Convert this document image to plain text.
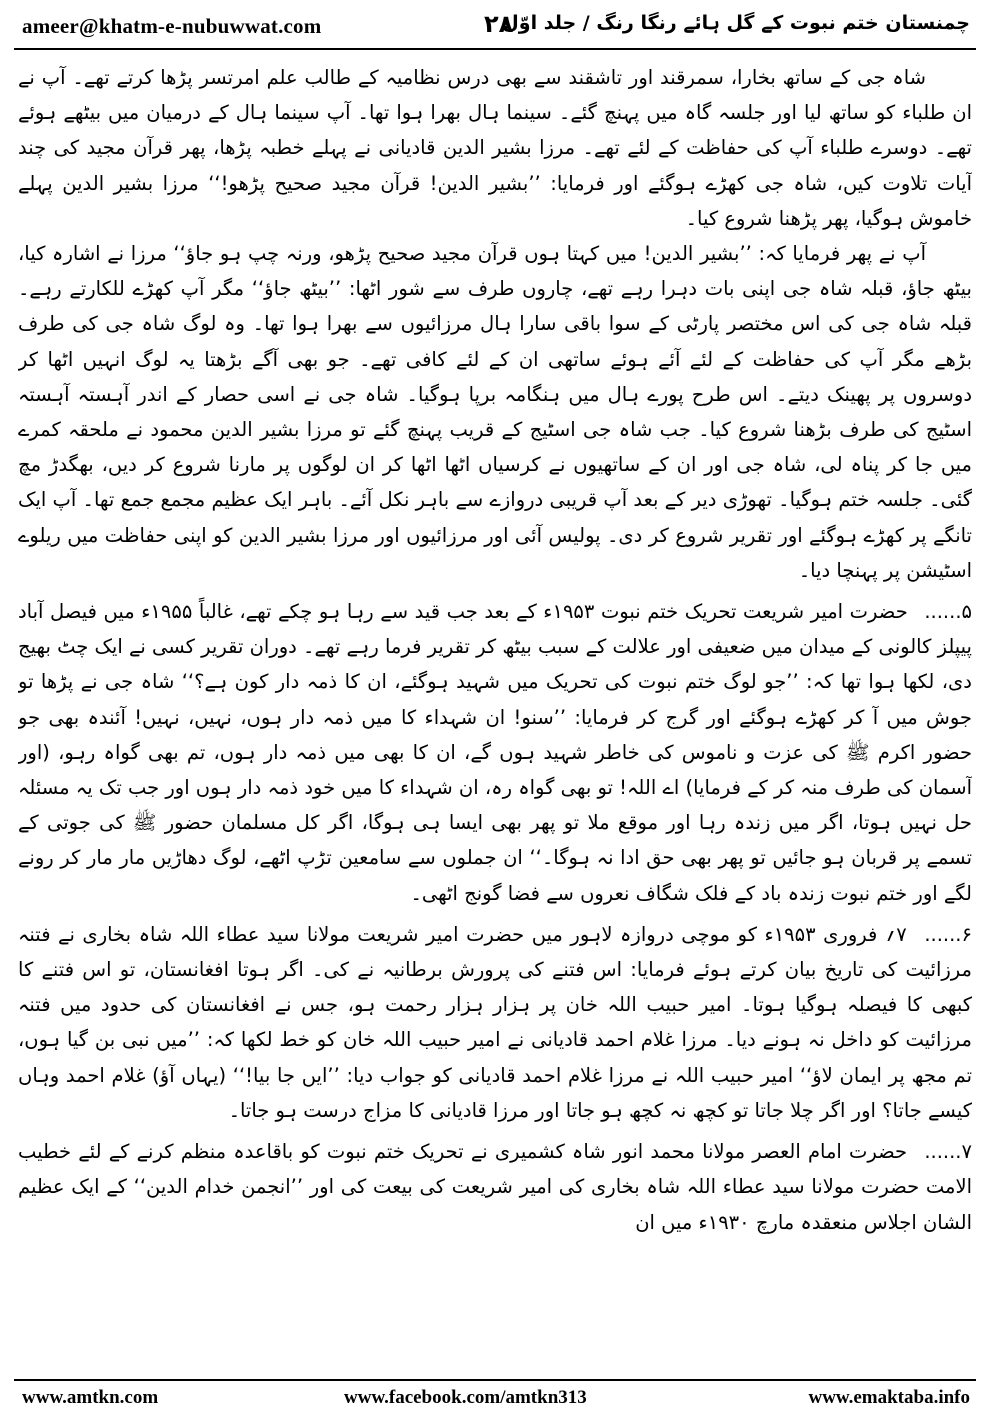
ameer@khatm-e-nubuwwat.com	۲۸
چمنستان ختم نبوت کے گل ہائے رنگا رنگ / جلد اوّل

شاہ جی کے ساتھ بخارا، سمرقند اور تاشقند سے بھی درس نظامیہ کے طالب علم امرتسر پڑھا کرتے تھے۔ آپ نے ان طلباء کو ساتھ لیا اور جلسہ گاہ میں پہنچ گئے۔ سینما ہال بھرا ہوا تھا۔ آپ سینما ہال کے درمیان میں بیٹھے ہوئے تھے۔ دوسرے طلباء آپ کی حفاظت کے لئے تھے۔ مرزا بشیر الدین قادیانی نے پہلے خطبہ پڑھا، پھر قرآن مجید کی چند آیات تلاوت کیں، شاہ جی کھڑے ہوگئے اور فرمایا: ’’بشیر الدین! قرآن مجید صحیح پڑھو!‘‘ مرزا بشیر الدین پہلے خاموش ہوگیا، پھر پڑھنا شروع کیا۔

آپ نے پھر فرمایا کہ: ’’بشیر الدین! میں کہتا ہوں قرآن مجید صحیح پڑھو، ورنہ چپ ہو جاؤ‘‘ مرزا نے اشارہ کیا، بیٹھ جاؤ، قبلہ شاہ جی اپنی بات دہرا رہے تھے، چاروں طرف سے شور اٹھا: ’’بیٹھ جاؤ‘‘ مگر آپ کھڑے للکارتے رہے۔ قبلہ شاہ جی کی اس مختصر پارٹی کے سوا باقی سارا ہال مرزائیوں سے بھرا ہوا تھا۔ وہ لوگ شاہ جی کی طرف بڑھے مگر آپ کی حفاظت کے لئے آئے ہوئے ساتھی ان کے لئے کافی تھے۔ جو بھی آگے بڑھتا یہ لوگ انہیں اٹھا کر دوسروں پر پھینک دیتے۔ اس طرح پورے ہال میں ہنگامہ برپا ہوگیا۔ شاہ جی نے اسی حصار کے اندر آہستہ آہستہ اسٹیج کی طرف بڑھنا شروع کیا۔ جب شاہ جی اسٹیج کے قریب پہنچ گئے تو مرزا بشیر الدین محمود نے ملحقہ کمرے میں جا کر پناہ لی، شاہ جی اور ان کے ساتھیوں نے کرسیاں اٹھا اٹھا کر ان لوگوں پر مارنا شروع کر دیں، بھگدڑ مچ گئی۔ جلسہ ختم ہوگیا۔ تھوڑی دیر کے بعد آپ قریبی دروازے سے باہر نکل آئے۔ باہر ایک عظیم مجمع جمع تھا۔ آپ ایک تانگے پر کھڑے ہوگئے اور تقریر شروع کر دی۔ پولیس آئی اور مرزائیوں اور مرزا بشیر الدین کو اپنی حفاظت میں ریلوے اسٹیشن پر پہنچا دیا۔

۵...... حضرت امیر شریعت تحریک ختم نبوت ۱۹۵۳ء کے بعد جب قید سے رہا ہو چکے تھے، غالباً ۱۹۵۵ء میں فیصل آباد پیپلز کالونی کے میدان میں ضعیفی اور علالت کے سبب بیٹھ کر تقریر فرما رہے تھے۔ دوران تقریر کسی نے ایک چٹ بھیج دی، لکھا ہوا تھا کہ: ’’جو لوگ ختم نبوت کی تحریک میں شہید ہوگئے، ان کا ذمہ دار کون ہے؟‘‘ شاہ جی نے پڑھا تو جوش میں آ کر کھڑے ہوگئے اور گرج کر فرمایا: ’’سنو! ان شہداء کا میں ذمہ دار ہوں، نہیں، نہیں! آئندہ بھی جو حضور اکرم ﷺ کی عزت و ناموس کی خاطر شہید ہوں گے، ان کا بھی میں ذمہ دار ہوں، تم بھی گواہ رہو، (اور آسمان کی طرف منہ کر کے فرمایا) اے اللہ! تو بھی گواہ رہ، ان شہداء کا میں خود ذمہ دار ہوں اور جب تک یہ مسئلہ حل نہیں ہوتا، اگر میں زندہ رہا اور موقع ملا تو پھر بھی ایسا ہی ہوگا، اگر کل مسلمان حضور ﷺ کی جوتی کے تسمے پر قربان ہو جائیں تو پھر بھی حق ادا نہ ہوگا۔‘‘ ان جملوں سے سامعین تڑپ اٹھے، لوگ دھاڑیں مار مار کر رونے لگے اور ختم نبوت زندہ باد کے فلک شگاف نعروں سے فضا گونج اٹھی۔

۶...... ۷؍ فروری ۱۹۵۳ء کو موچی دروازہ لاہور میں حضرت امیر شریعت مولانا سید عطاء اللہ شاہ بخاری نے فتنہ مرزائیت کی تاریخ بیان کرتے ہوئے فرمایا: اس فتنے کی پرورش برطانیہ نے کی۔ اگر ہوتا افغانستان، تو اس فتنے کا کبھی کا فیصلہ ہوگیا ہوتا۔ امیر حبیب اللہ خان پر ہزار ہزار رحمت ہو، جس نے افغانستان کی حدود میں فتنہ مرزائیت کو داخل نہ ہونے دیا۔ مرزا غلام احمد قادیانی نے امیر حبیب اللہ خان کو خط لکھا کہ: ’’میں نبی بن گیا ہوں، تم مجھ پر ایمان لاؤ‘‘ امیر حبیب اللہ نے مرزا غلام احمد قادیانی کو جواب دیا: ’’ایں جا بیا!‘‘ (یہاں آؤ) غلام احمد وہاں کیسے جاتا؟ اور اگر چلا جاتا تو کچھ نہ کچھ ہو جاتا اور مرزا قادیانی کا مزاج درست ہو جاتا۔

۷...... حضرت امام العصر مولانا محمد انور شاہ کشمیری نے تحریک ختم نبوت کو باقاعدہ منظم کرنے کے لئے خطیب الامت حضرت مولانا سید عطاء اللہ شاہ بخاری کی امیر شریعت کی بیعت کی اور ’’انجمن خدام الدین‘‘ کے ایک عظیم الشان اجلاس منعقدہ مارچ ۱۹۳۰ء میں ان

www.amtkn.com	www.facebook.com/amtkn313	www.emaktaba.info
